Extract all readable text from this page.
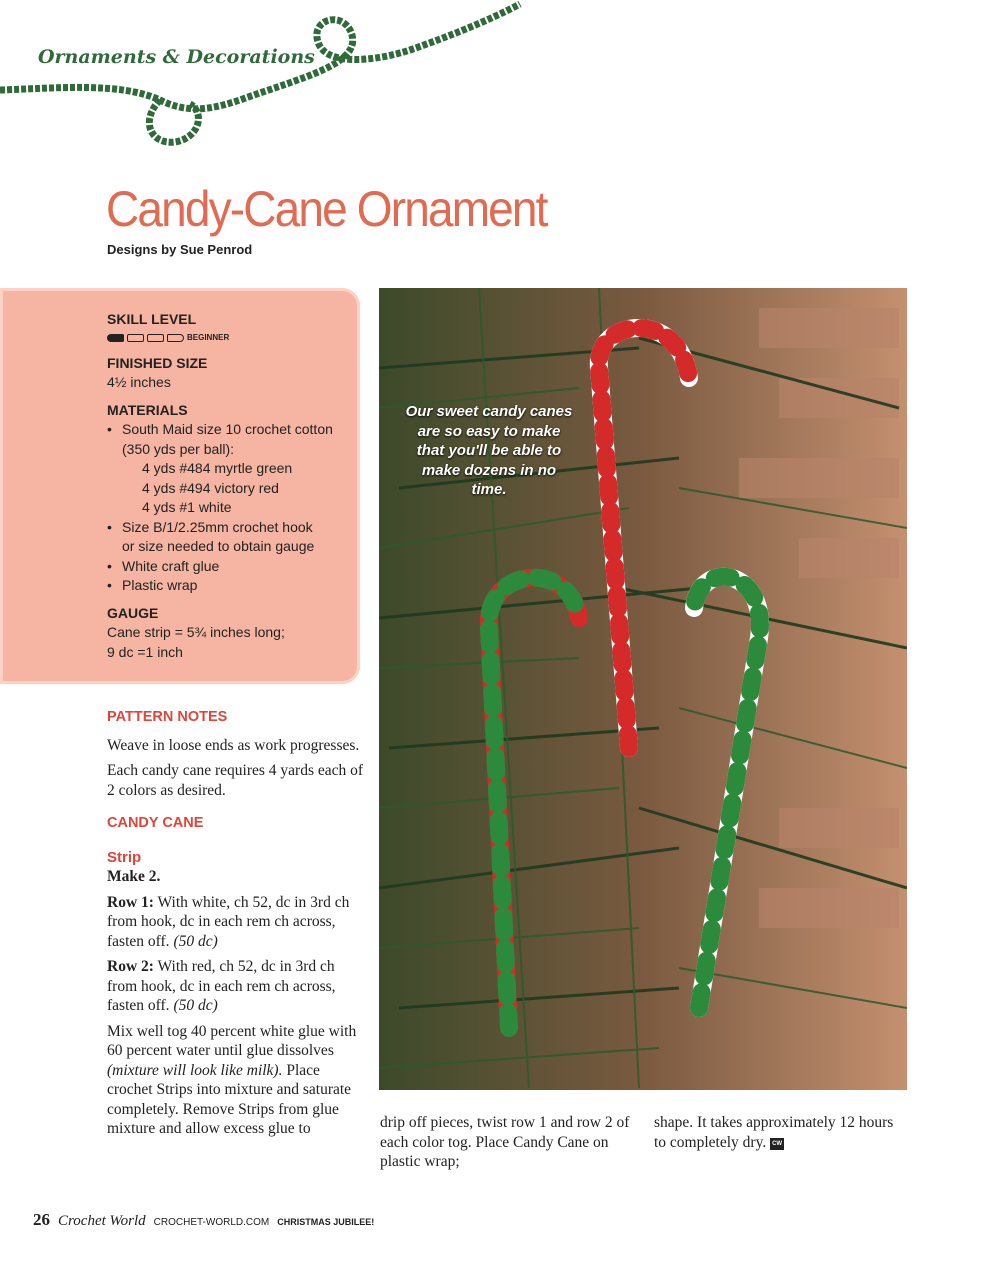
Ornaments & Decorations
Candy-Cane Ornament
Designs by Sue Penrod
SKILL LEVEL
BEGINNER
FINISHED SIZE
4½ inches
MATERIALS
• South Maid size 10 crochet cotton
(350 yds per ball):
4 yds #484 myrtle green
4 yds #494 victory red
4 yds #1 white
• Size B/1/2.25mm crochet hook
or size needed to obtain gauge
• White craft glue
• Plastic wrap
GAUGE
Cane strip = 5¾ inches long;
9 dc =1 inch
PATTERN NOTES

Weave in loose ends as work progresses.

Each candy cane requires 4 yards each of 2 colors as desired.

CANDY CANE
Strip

Make 2.

Row 1: With white, ch 52, dc in 3rd ch from hook, dc in each rem ch across, fasten off. (50 dc)

Row 2: With red, ch 52, dc in 3rd ch from hook, dc in each rem ch across, fasten off. (50 dc)

Mix well tog 40 percent white glue with 60 percent water until glue dissolves (mixture will look like milk). Place crochet Strips into mixture and saturate completely. Remove Strips from glue mixture and allow excess glue to

Our sweet candy canes are so easy to make that you'll be able to make dozens in no time.
drip off pieces, twist row 1 and row 2 of each color tog. Place Candy Cane on plastic wrap;
shape. It takes approximately 12 hours to completely dry. CW
26 Crochet World CROCHET-WORLD.COM CHRISTMAS JUBILEE!
